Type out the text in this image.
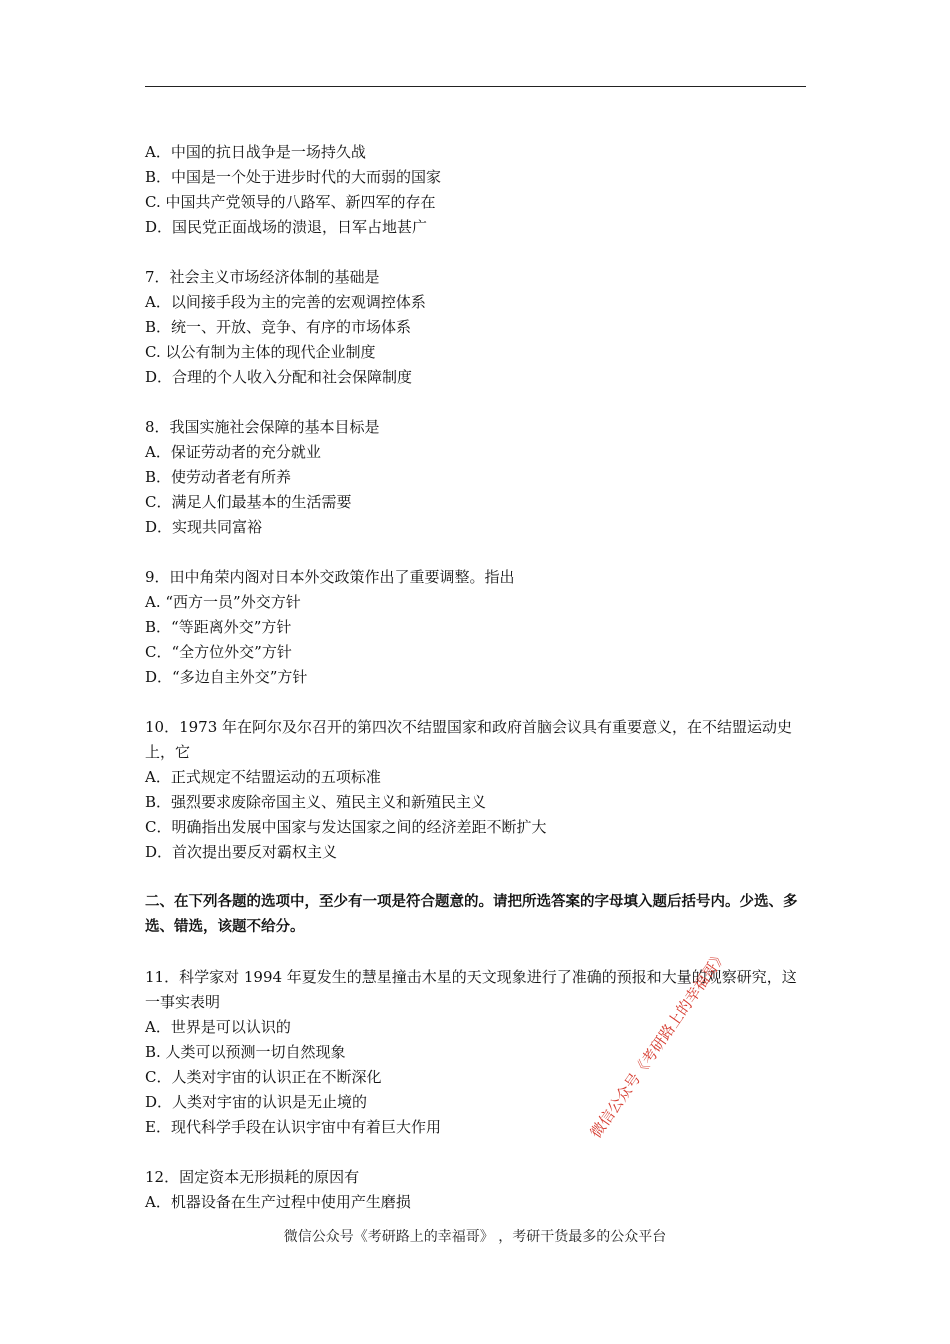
A．中国的抗日战争是一场持久战
B．中国是一个处于进步时代的大而弱的国家
C. 中国共产党领导的八路军、新四军的存在
D．国民党正面战场的溃退，日军占地甚广
7．社会主义市场经济体制的基础是
A．以间接手段为主的完善的宏观调控体系
B．统一、开放、竞争、有序的市场体系
C. 以公有制为主体的现代企业制度
D．合理的个人收入分配和社会保障制度
8．我国实施社会保障的基本目标是
A．保证劳动者的充分就业
B．使劳动者老有所养
C．满足人们最基本的生活需要
D．实现共同富裕
9．田中角荣内阁对日本外交政策作出了重要调整。指出
A. “西方一员”外交方针
B．“等距离外交”方针
C．“全方位外交”方针
D．“多边自主外交”方针
10．1973 年在阿尔及尔召开的第四次不结盟国家和政府首脑会议具有重要意义，在不结盟运动史上，它
A．正式规定不结盟运动的五项标准
B．强烈要求废除帝国主义、殖民主义和新殖民主义
C．明确指出发展中国家与发达国家之间的经济差距不断扩大
D．首次提出要反对霸权主义
二、在下列各题的选项中，至少有一项是符合题意的。请把所选答案的字母填入题后括号内。少选、多选、错选，该题不给分。
11．科学家对 1994 年夏发生的慧星撞击木星的天文现象进行了准确的预报和大量的观察研究，这一事实表明
A．世界是可以认识的
B. 人类可以预测一切自然现象
C．人类对宇宙的认识正在不断深化
D．人类对宇宙的认识是无止境的
E．现代科学手段在认识宇宙中有着巨大作用
12．固定资本无形损耗的原因有
A．机器设备在生产过程中使用产生磨损
微信公众号《考研路上的幸福哥》
微信公众号《考研路上的幸福哥》 ，考研干货最多的公众平台
